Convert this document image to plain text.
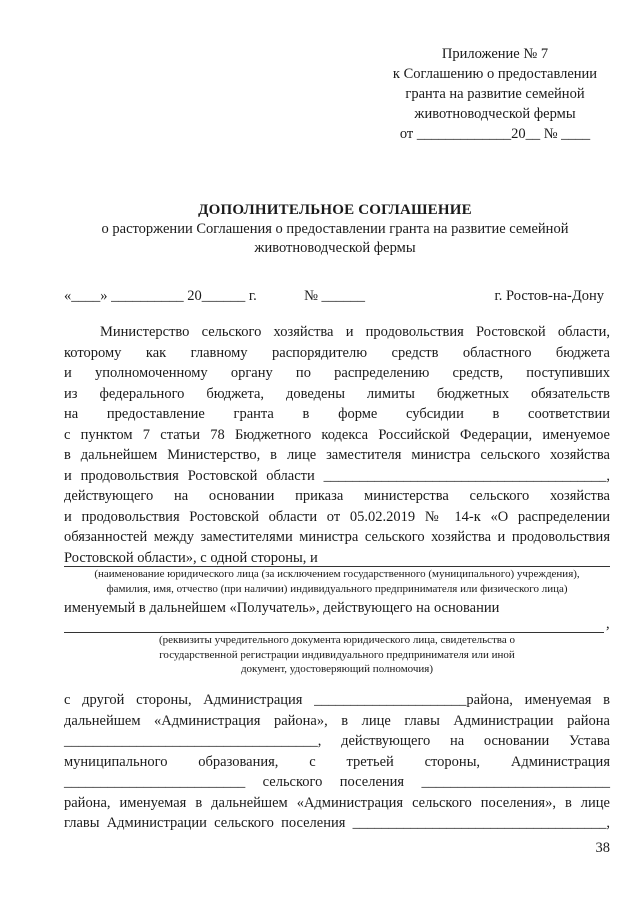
Приложение № 7
к Соглашению о предоставлении
гранта на развитие семейной
животноводческой фермы
от _____________20__ № ____
ДОПОЛНИТЕЛЬНОЕ СОГЛАШЕНИЕ
о расторжении Соглашения о предоставлении гранта на развитие семейной
животноводческой фермы
«____» __________ 20______ г.	№ ______	г. Ростов-на-Дону
Министерство сельского хозяйства и продовольствия Ростовской области,
которому как главному распорядителю средств областного бюджета
и уполномоченному органу по распределению средств, поступивших
из федерального бюджета, доведены лимиты бюджетных обязательств
на предоставление гранта в форме субсидии в соответствии
с пунктом 7 статьи 78 Бюджетного кодекса Российской Федерации, именуемое
в дальнейшем Министерство, в лице заместителя министра сельского хозяйства
и продовольствия Ростовской области _______________________________________,
действующего на основании приказа министерства сельского хозяйства
и продовольствия Ростовской области от 05.02.2019 № 14-к «О распределении
обязанностей между заместителями министра сельского хозяйства и продовольствия
Ростовской области», с одной стороны, и
(наименование юридического лица (за исключением государственного (муниципального) учреждения),
фамилия, имя, отчество (при наличии) индивидуального предпринимателя или физического лица)
именуемый в дальнейшем «Получатель», действующего на основании
,
(реквизиты учредительного документа юридического лица, свидетельства о
государственной регистрации индивидуального предпринимателя или иной
документ, удостоверяющий полномочия)
с другой стороны, Администрация _____________________района, именуемая в
дальнейшем «Администрация района», в лице главы Администрации района
___________________________________, действующего на основании Устава
муниципального образования, с третьей стороны, Администрация
_________________________ сельского поселения __________________________
района, именуемая в дальнейшем «Администрация сельского поселения», в лице
главы Администрации сельского поселения ___________________________________,
38
